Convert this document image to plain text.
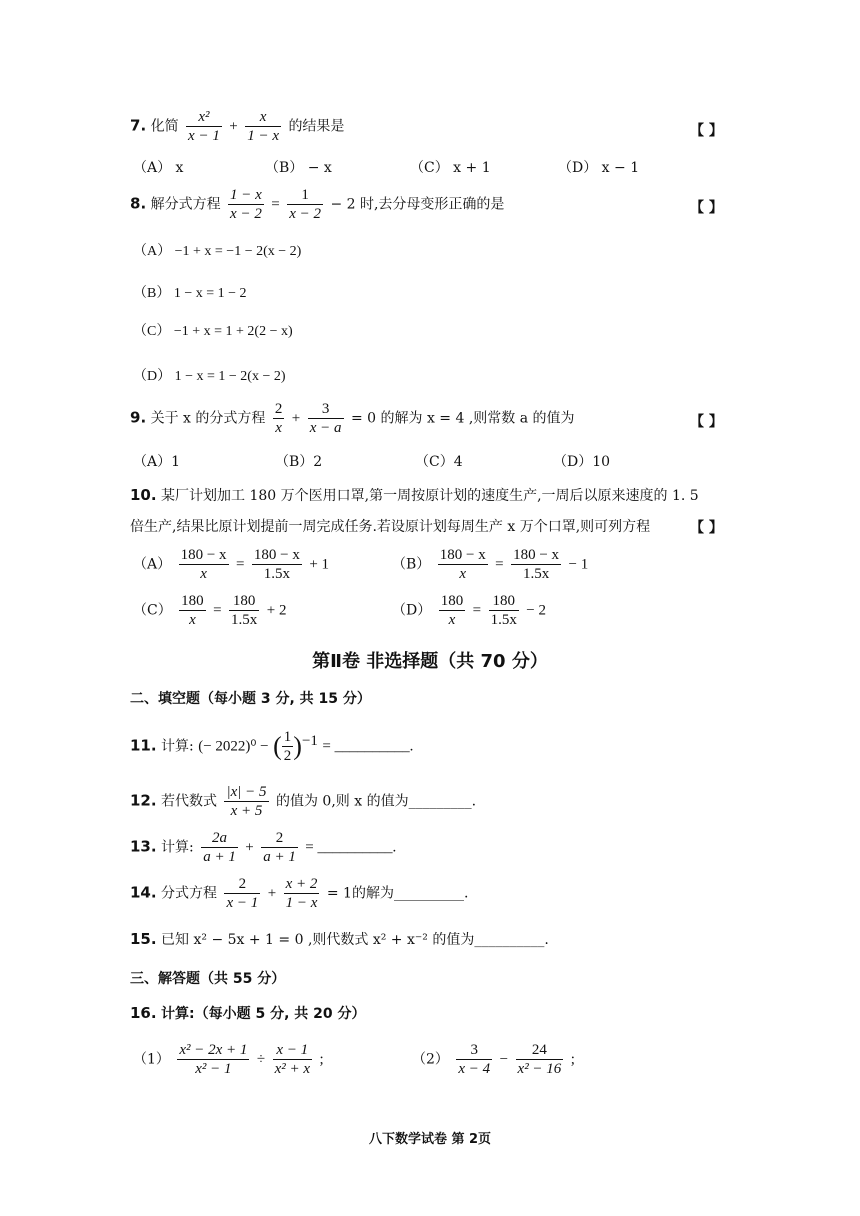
7. 化简 $\frac{\text{x²}}{x - 1} + \frac{x}{1 - x}$ 的结果是	【 】
（A） x	（B） − x	（C） x + 1	（D） x − 1
8. 解分式方程 $\frac{1 - x}{x - 2} = \frac{1}{x - 2} - 2$ 时,去分母变形正确的是	【 】
（A） −1 + x = −1 − 2(x − 2)
（B） 1 − x = 1 − 2
（C） −1 + x = 1 + 2(2 − x)
（D） 1 − x = 1 − 2(x − 2)
9. 关于 x 的分式方程 $\frac{2}{x} + \frac{3}{x - a} = 0$ 的解为 x = 4 ,则常数 a 的值为	【 】
（A）1	（B）2	（C）4	（D）10
10. 某厂计划加工 180 万个医用口罩,第一周按原计划的速度生产,一周后以原来速度的 1. 5
倍生产,结果比原计划提前一周完成任务.若设原计划每周生产 x 万个口罩,则可列方程	【 】
$(A) \frac{180 - x}{x} = \frac{180 - x}{1.5x} + 1$	$(B) \frac{180 - x}{x} = \frac{180 - x}{1.5x} - 1$
$(C) \frac{180}{x} = \frac{180}{1.5x} + 2$	$(D) \frac{180}{x} = \frac{180}{1.5x} - 2$
第Ⅱ卷 非选择题（共 70 分）
二、填空题（每小题 3 分, 共 15 分）
11. 计算: (− 2022)⁰ − ( $\frac{1}{2} )^{-1}$ = __________.
12. 若代数式 $\frac{|x| - 5}{x + 5}$ 的值为 0,则 x 的值为_________.
13. 计算: $\frac{2a}{a + 1} + \frac{2}{a + 1}$ = __________.
14. 分式方程 $\frac{2}{x - 1} + \frac{x + 2}{1 - x} = 1$的解为__________.
15. 已知 x² − 5x + 1 = 0 ,则代数式 x² + x⁻² 的值为__________.
三、解答题（共 55 分）
16. 计算:（每小题 5 分, 共 20 分）
$(1) \frac{\text{x² − 2x + 1}}{\text{x² − 1}} \div \frac{x - 1}{\text{x² + x}}$ ;	$(2) \frac{3}{x - 4} - \frac{24}{\text{x² − 16}}$ ;
八下数学试卷 第 2页
